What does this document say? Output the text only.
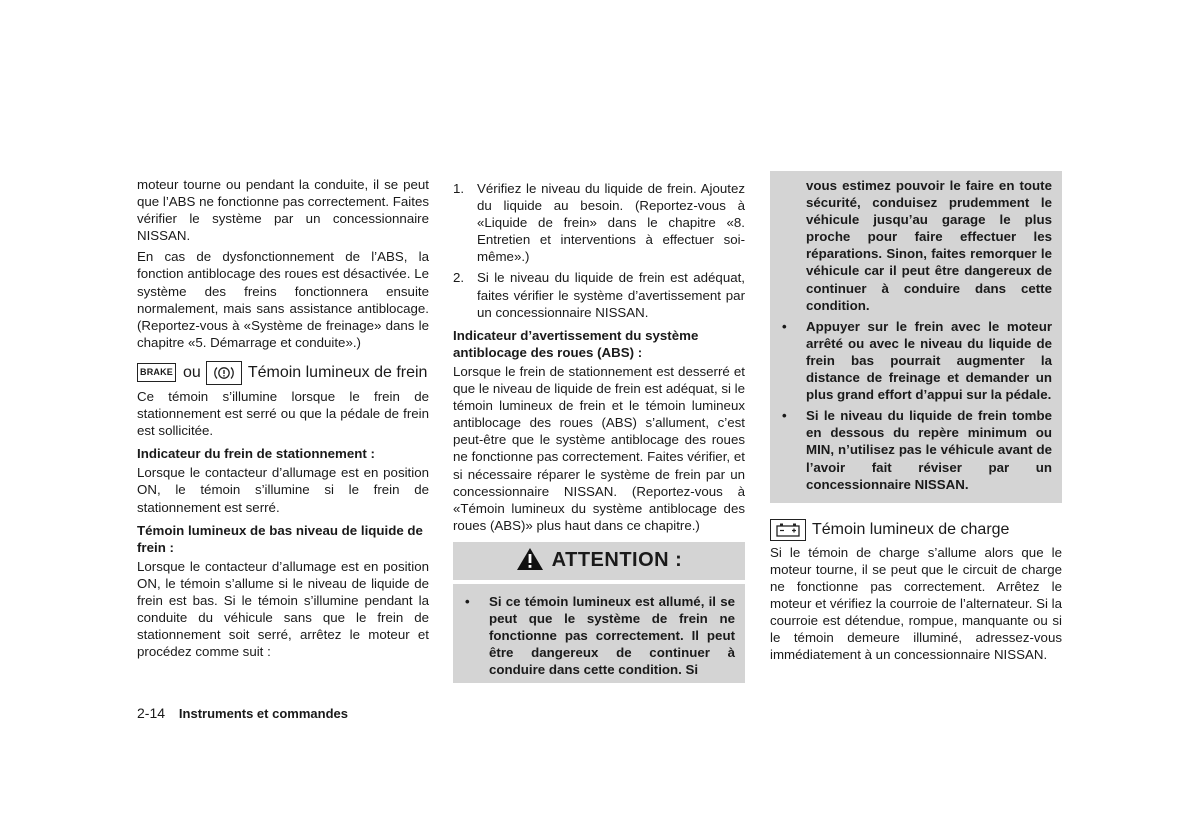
moteur tourne ou pendant la conduite, il se peut que l’ABS ne fonctionne pas correctement. Faites vérifier le système par un concessionnaire NISSAN.

En cas de dysfonctionnement de l’ABS, la fonction antiblocage des roues est désactivée. Le système des freins fonctionnera ensuite normalement, mais sans assistance antiblocage. (Reportez-vous à «Système de freinage» dans le chapitre «5. Démarrage et conduite».)

BRAKE ou	Témoin lumineux de frein

Ce témoin s’illumine lorsque le frein de stationnement est serré ou que la pédale de frein est sollicitée.

Indicateur du frein de stationnement :

Lorsque le contacteur d’allumage est en position ON, le témoin s’illumine si le frein de stationnement est serré.

Témoin lumineux de bas niveau de liquide de frein :

Lorsque le contacteur d’allumage est en position ON, le témoin s’allume si le niveau de liquide de frein est bas. Si le témoin s’illumine pendant la conduite du véhicule sans que le frein de stationnement soit serré, arrêtez le moteur et procédez comme suit :

1. Vérifiez le niveau du liquide de frein. Ajoutez du liquide au besoin. (Reportez-vous à «Liquide de frein» dans le chapitre «8. Entretien et interventions à effectuer soi-même».)
2. Si le niveau du liquide de frein est adéquat, faites vérifier le système d’avertissement par un concessionnaire NISSAN.
Indicateur d’avertissement du système antiblocage des roues (ABS) :

Lorsque le frein de stationnement est desserré et que le niveau de liquide de frein est adéquat, si le témoin lumineux de frein et le témoin lumineux antiblocage des roues (ABS) s’allument, c’est peut-être que le système antiblocage des roues ne fonctionne pas correctement. Faites vérifier, et si nécessaire réparer le système de frein par un concessionnaire NISSAN. (Reportez-vous à «Témoin lumineux du système antiblocage des roues (ABS)» plus haut dans ce chapitre.)

ATTENTION :
• Si ce témoin lumineux est allumé, il se peut que le système de frein ne fonctionne pas correctement. Il peut être dangereux de continuer à conduire dans cette condition. Si
vous estimez pouvoir le faire en toute sécurité, conduisez prudemment le véhicule jusqu’au garage le plus proche pour faire effectuer les réparations. Sinon, faites remorquer le véhicule car il peut être dangereux de continuer à conduire dans cette condition.
• Appuyer sur le frein avec le moteur arrêté ou avec le niveau du liquide de frein bas pourrait augmenter la distance de freinage et demander un plus grand effort d’appui sur la pédale.
• Si le niveau du liquide de frein tombe en dessous du repère minimum ou MIN, n’utilisez pas le véhicule avant de l’avoir fait réviser par un concessionnaire NISSAN.
Témoin lumineux de charge

Si le témoin de charge s’allume alors que le moteur tourne, il se peut que le circuit de charge ne fonctionne pas correctement. Arrêtez le moteur et vérifiez la courroie de l’alternateur. Si la courroie est détendue, rompue, manquante ou si le témoin demeure illuminé, adressez-vous immédiatement à un concessionnaire NISSAN.

2-14 Instruments et commandes
